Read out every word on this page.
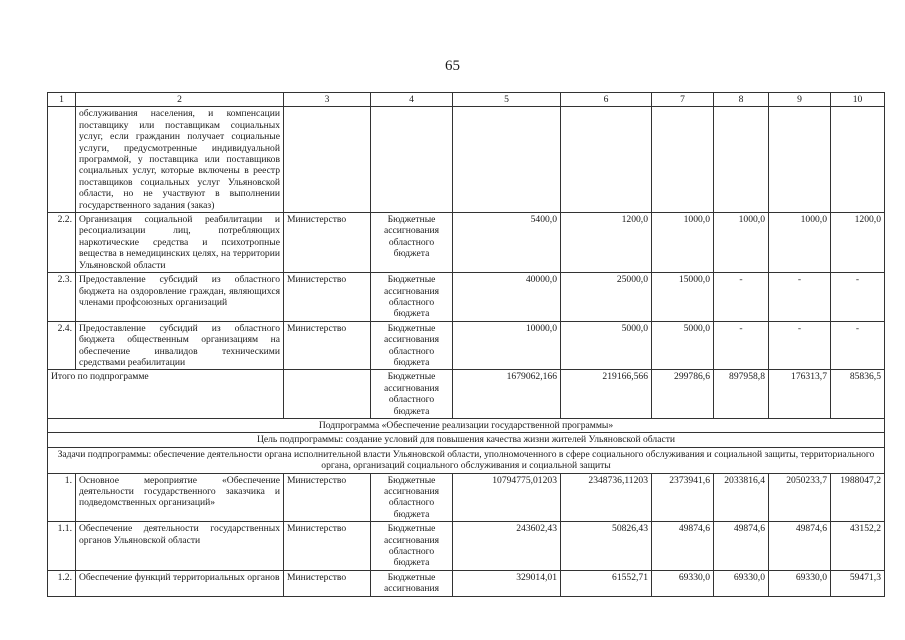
65
1	2	3	4	5	6	7	8	9	10
	обслуживания населения, и компенсации поставщику или поставщикам социальных услуг, если гражданин получает социальные услуги, предусмотренные индивидуальной программой, у поставщика или поставщиков социальных услуг, которые включены в реестр поставщиков социальных услуг Ульяновской области, но не участвуют в выполнении государственного задания (заказ)								
2.2.	Организация социальной реабилитации и ресоциализации лиц, потребляющих наркотические средства и психотропные вещества в немедицинских целях, на территории Ульяновской области	Министерство	Бюджетные ассигнования областного бюджета	5400,0	1200,0	1000,0	1000,0	1000,0	1200,0
2.3.	Предоставление субсидий из областного бюджета на оздоровление граждан, являющихся членами профсоюзных организаций	Министерство	Бюджетные ассигнования областного бюджета	40000,0	25000,0	15000,0	-	-	-
2.4.	Предоставление субсидий из областного бюджета общественным организациям на обеспечение инвалидов техническими средствами реабилитации	Министерство	Бюджетные ассигнования областного бюджета	10000,0	5000,0	5000,0	-	-	-
Итого по подпрограмме			Бюджетные ассигнования областного бюджета	1679062,166	219166,566	299786,6	897958,8	176313,7	85836,5
Подпрограмма «Обеспечение реализации государственной программы»									
Цель подпрограммы: создание условий для повышения качества жизни жителей Ульяновской области									
Задачи подпрограммы: обеспечение деятельности органа исполнительной власти Ульяновской области, уполномоченного в сфере социального обслуживания и социальной защиты, территориального органа, организаций социального обслуживания и социальной защиты									
1.	Основное мероприятие «Обеспечение деятельности государственного заказчика и подведомственных организаций»	Министерство	Бюджетные ассигнования областного бюджета	10794775,01203	2348736,11203	2373941,6	2033816,4	2050233,7	1988047,2
1.1.	Обеспечение деятельности государственных органов Ульяновской области	Министерство	Бюджетные ассигнования областного бюджета	243602,43	50826,43	49874,6	49874,6	49874,6	43152,2
1.2.	Обеспечение функций территориальных органов	Министерство	Бюджетные ассигнования	329014,01	61552,71	69330,0	69330,0	69330,0	59471,3
